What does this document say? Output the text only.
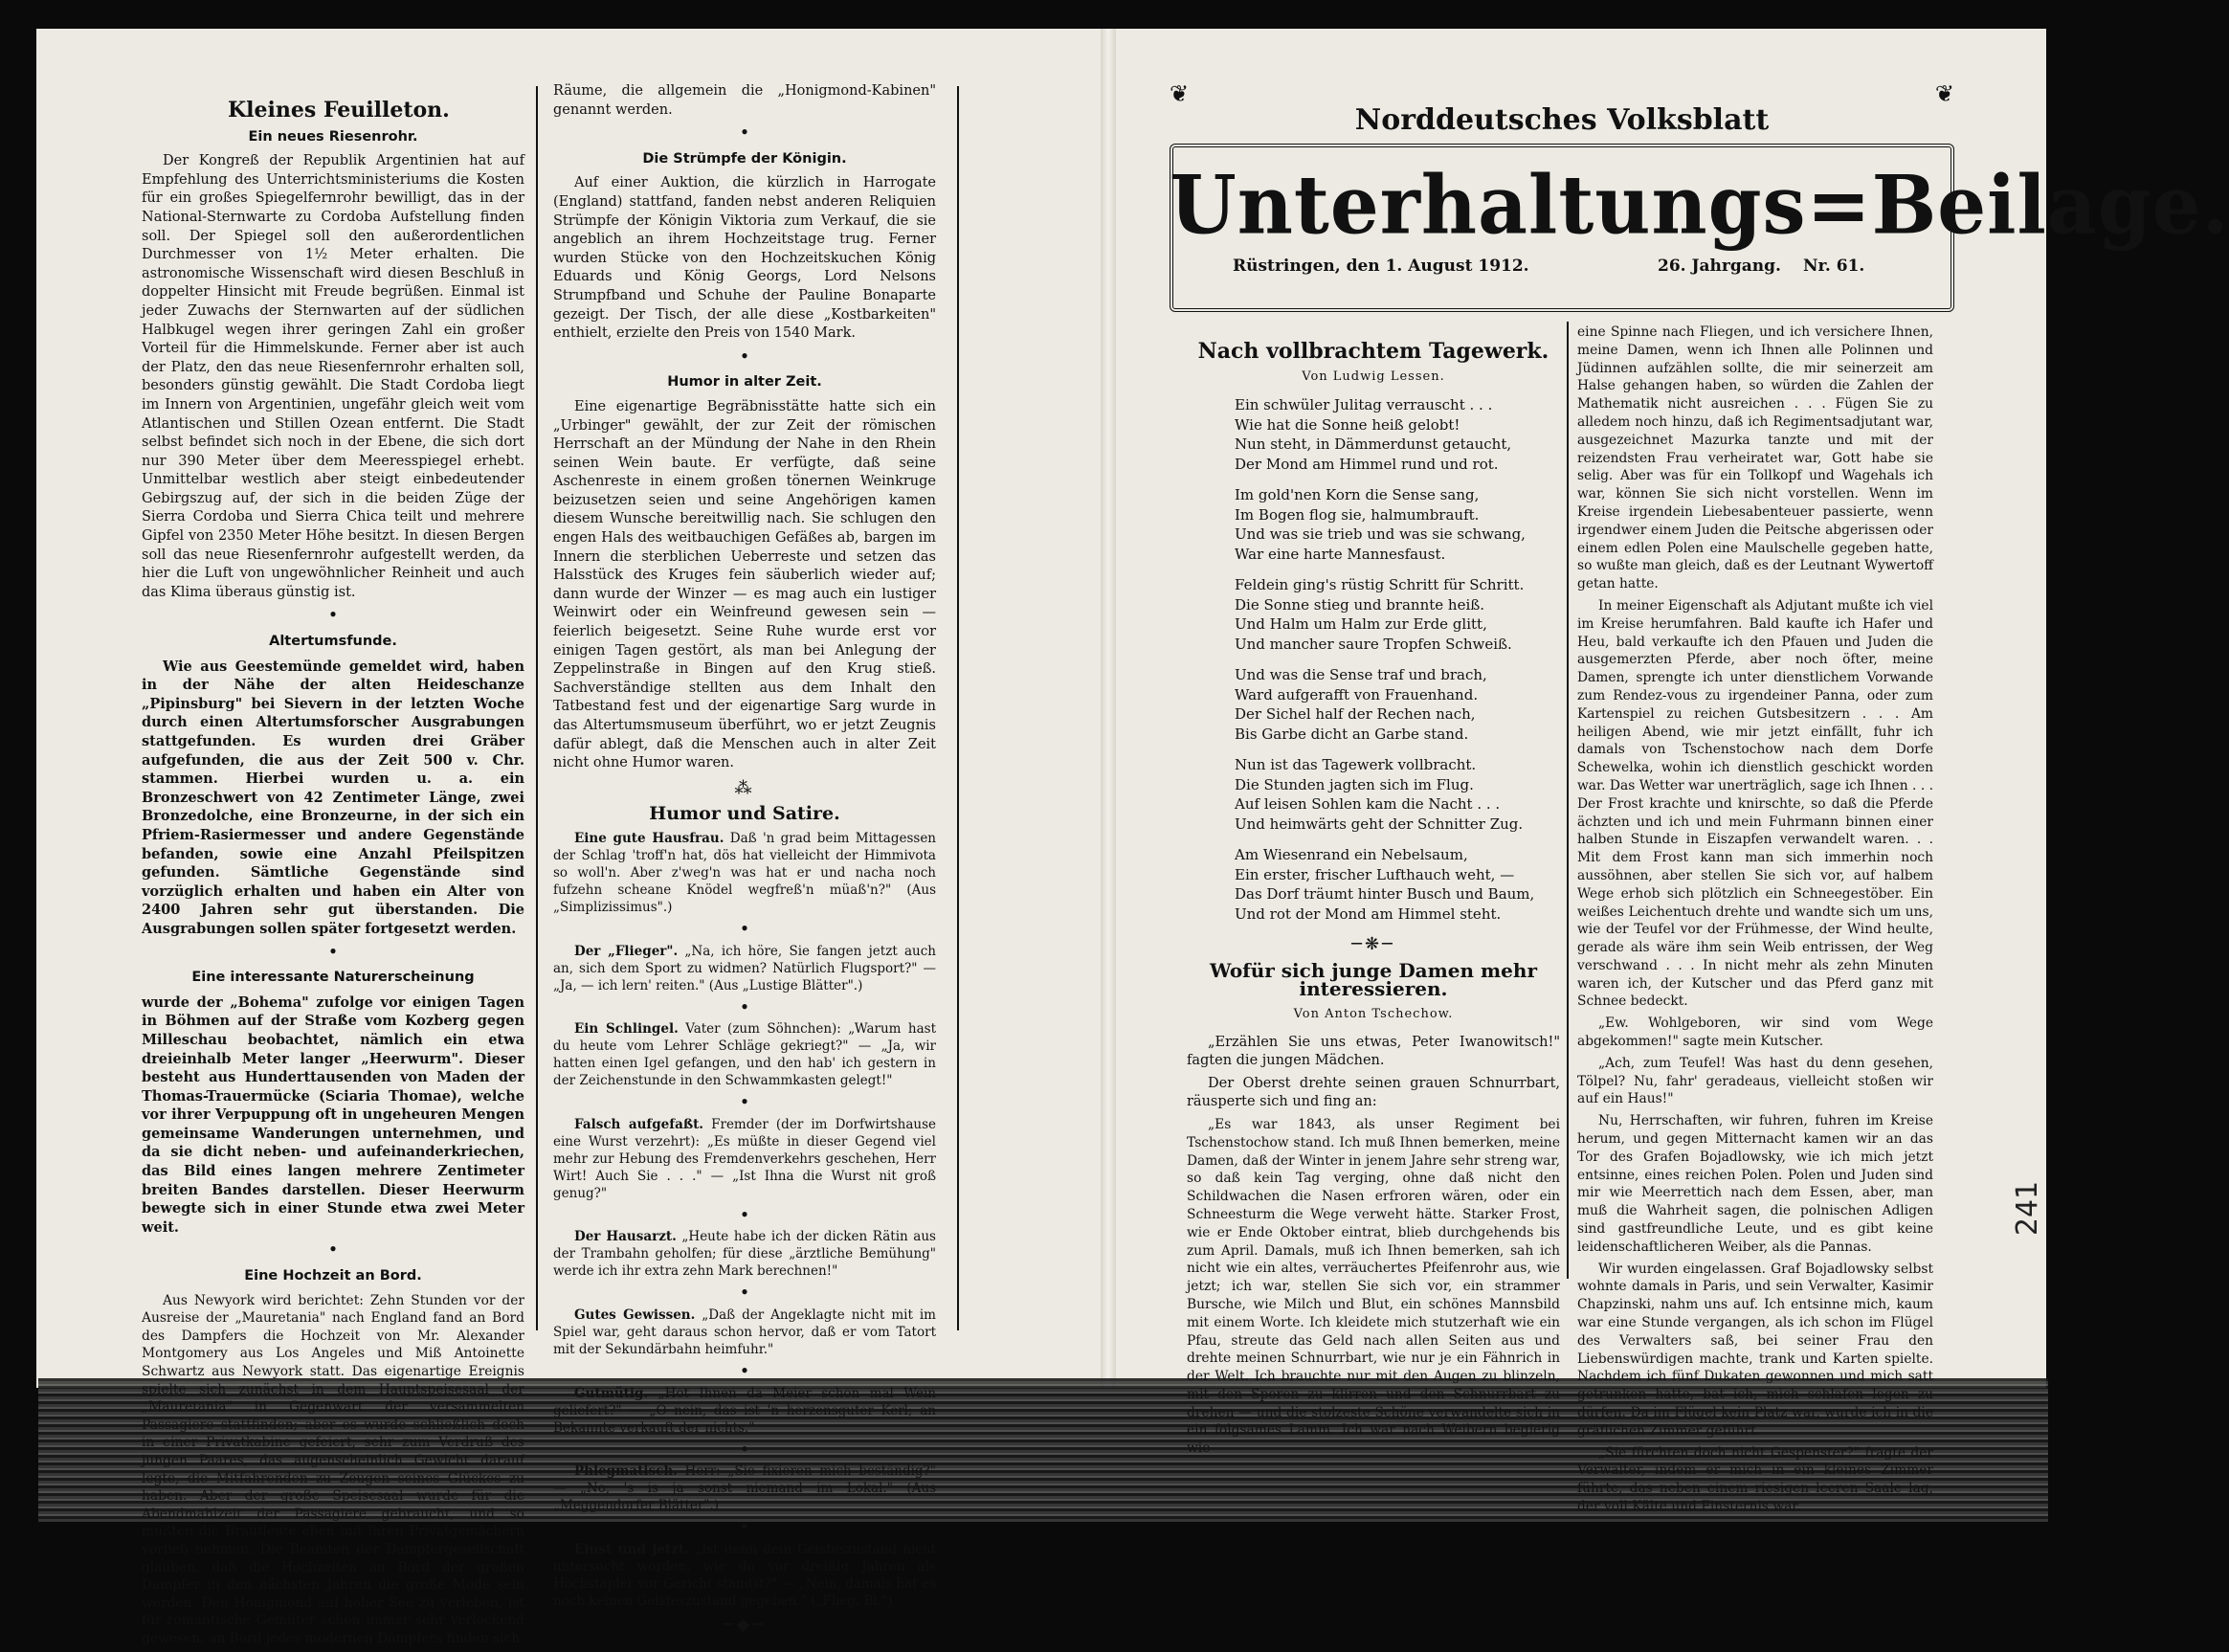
Kleines Feuilleton.
Ein neues Riesenrohr.

Der Kongreß der Republik Argentinien hat auf Empfehlung des Unterrichtsministeriums die Kosten für ein großes Spiegelfernrohr bewilligt, das in der National-Sternwarte zu Cordoba Aufstellung finden soll. Der Spiegel soll den außerordentlichen Durchmesser von 1½ Meter erhalten. Die astronomische Wissenschaft wird diesen Beschluß in doppelter Hinsicht mit Freude begrüßen. Einmal ist jeder Zuwachs der Sternwarten auf der südlichen Halbkugel wegen ihrer geringen Zahl ein großer Vorteil für die Himmelskunde. Ferner aber ist auch der Platz, den das neue Riesenfernrohr erhalten soll, besonders günstig gewählt. Die Stadt Cordoba liegt im Innern von Argentinien, ungefähr gleich weit vom Atlantischen und Stillen Ozean entfernt. Die Stadt selbst befindet sich noch in der Ebene, die sich dort nur 390 Meter über dem Meeresspiegel erhebt. Unmittelbar westlich aber steigt einbedeutender Gebirgszug auf, der sich in die beiden Züge der Sierra Cordoba und Sierra Chica teilt und mehrere Gipfel von 2350 Meter Höhe besitzt. In diesen Bergen soll das neue Riesenfernrohr aufgestellt werden, da hier die Luft von ungewöhnlicher Reinheit und auch das Klima überaus günstig ist.

•
Altertumsfunde.

Wie aus Geestemünde gemeldet wird, haben in der Nähe der alten Heideschanze „Pipinsburg" bei Sievern in der letzten Woche durch einen Altertumsforscher Ausgrabungen stattgefunden. Es wurden drei Gräber aufgefunden, die aus der Zeit 500 v. Chr. stammen. Hierbei wurden u. a. ein Bronzeschwert von 42 Zentimeter Länge, zwei Bronzedolche, eine Bronzeurne, in der sich ein Pfriem-Rasiermesser und andere Gegenstände befanden, sowie eine Anzahl Pfeilspitzen gefunden. Sämtliche Gegenstände sind vorzüglich erhalten und haben ein Alter von 2400 Jahren sehr gut überstanden. Die Ausgrabungen sollen später fortgesetzt werden.

•
Eine interessante Naturerscheinung

wurde der „Bohema" zufolge vor einigen Tagen in Böhmen auf der Straße vom Kozberg gegen Milleschau beobachtet, nämlich ein etwa dreieinhalb Meter langer „Heerwurm". Dieser besteht aus Hunderttausenden von Maden der Thomas-Trauermücke (Sciaria Thomae), welche vor ihrer Verpuppung oft in ungeheuren Mengen gemeinsame Wanderungen unternehmen, und da sie dicht neben- und aufeinanderkriechen, das Bild eines langen mehrere Zentimeter breiten Bandes darstellen. Dieser Heerwurm bewegte sich in einer Stunde etwa zwei Meter weit.

•
Eine Hochzeit an Bord.

Aus Newyork wird berichtet: Zehn Stunden vor der Ausreise der „Mauretania" nach England fand an Bord des Dampfers die Hochzeit von Mr. Alexander Montgomery aus Los Angeles und Miß Antoinette Schwartz aus Newyork statt. Das eigenartige Ereignis spielte sich zunächst in dem Hauptspeisesaal der „Mauretania" in Gegenwart der versammelten Passagiere stattfinden; aber es wurde schließlich doch in einer Privatkabine gefeiert, sehr zum Verdruß des jungen Paares, das augenscheinlich Gewicht darauf legte, die Mitfahrenden zu Zeugen seines Glückes zu haben. Aber der große Speisesaal wurde für die Abendmahlzeit der Passagiere gebraucht, und so mußten die Brautleute eben mit ihren Privatgemächern vorlieb nehmen. Die Beamten der Dampfergesellschaft glauben, daß die Hochzeiten an Bord der großen Dampfer in den nächsten Jahren die große Mode sein werden. Den Honigmond auf hoher See zu verleben, ist für romantische Gemüter schon immer sehr verlockend gewesen; an Bord jedes modernen Dampfers finden sich

Räume, die allgemein die „Honigmond-Kabinen" genannt werden.

•
Die Strümpfe der Königin.

Auf einer Auktion, die kürzlich in Harrogate (England) stattfand, fanden nebst anderen Reliquien Strümpfe der Königin Viktoria zum Verkauf, die sie angeblich an ihrem Hochzeitstage trug. Ferner wurden Stücke von den Hochzeitskuchen König Eduards und König Georgs, Lord Nelsons Strumpfband und Schuhe der Pauline Bonaparte gezeigt. Der Tisch, der alle diese „Kostbarkeiten" enthielt, erzielte den Preis von 1540 Mark.

•
Humor in alter Zeit.

Eine eigenartige Begräbnisstätte hatte sich ein „Urbinger" gewählt, der zur Zeit der römischen Herrschaft an der Mündung der Nahe in den Rhein seinen Wein baute. Er verfügte, daß seine Aschenreste in einem großen tönernen Weinkruge beizusetzen seien und seine Angehörigen kamen diesem Wunsche bereitwillig nach. Sie schlugen den engen Hals des weitbauchigen Gefäßes ab, bargen im Innern die sterblichen Ueberreste und setzen das Halsstück des Kruges fein säuberlich wieder auf; dann wurde der Winzer — es mag auch ein lustiger Weinwirt oder ein Weinfreund gewesen sein — feierlich beigesetzt. Seine Ruhe wurde erst vor einigen Tagen gestört, als man bei Anlegung der Zeppelinstraße in Bingen auf den Krug stieß. Sachverständige stellten aus dem Inhalt den Tatbestand fest und der eigenartige Sarg wurde in das Altertumsmuseum überführt, wo er jetzt Zeugnis dafür ablegt, daß die Menschen auch in alter Zeit nicht ohne Humor waren.

⁂
Humor und Satire.

Eine gute Hausfrau. Daß 'n grad beim Mittagessen der Schlag 'troff'n hat, dös hat vielleicht der Himmivota so woll'n. Aber z'weg'n was hat er und nacha noch fufzehn scheane Knödel wegfreß'n müaß'n?" (Aus „Simplizissimus".)

•

Der „Flieger". „Na, ich höre, Sie fangen jetzt auch an, sich dem Sport zu widmen? Natürlich Flugsport?" — „Ja, — ich lern' reiten." (Aus „Lustige Blätter".)

•

Ein Schlingel. Vater (zum Söhnchen): „Warum hast du heute vom Lehrer Schläge gekriegt?" — „Ja, wir hatten einen Igel gefangen, und den hab' ich gestern in der Zeichenstunde in den Schwammkasten gelegt!"

•

Falsch aufgefaßt. Fremder (der im Dorfwirtshause eine Wurst verzehrt): „Es müßte in dieser Gegend viel mehr zur Hebung des Fremdenverkehrs geschehen, Herr Wirt! Auch Sie . . ." — „Ist Ihna die Wurst nit groß genug?"

•

Der Hausarzt. „Heute habe ich der dicken Rätin aus der Trambahn geholfen; für diese „ärztliche Bemühung" werde ich ihr extra zehn Mark berechnen!"

•

Gutes Gewissen. „Daß der Angeklagte nicht mit im Spiel war, geht daraus schon hervor, daß er vom Tatort mit der Sekundärbahn heimfuhr."

•

Gutmütig. „Hot Ihnen da Meier schon mal Wein geliefert?" — „O nein, das ist 'n herzensguter Kerl; an Bekannte verkauft der nichts."

•

Phlegmatisch. Herr: „Sie fixieren mich beständig?" — „No, 's is ja sonst niemand im Lokal." (Aus „Meggendorfer Blätter".)

•

Einst und jetzt. „Ist denn dein Geisteszustand nicht untersucht worden, wie du vor dreißig Jahren als Hochstapler vor Gericht standst?" — „Nein, damals hat es noch keinen Geisteszustand gegeben." („Flieg. Bl.")

─◆─
❦	❦
Norddeutsches Volksblatt
Unterhaltungs=Beilage.
Rüstringen, den 1. August 1912.	26. Jahrgang. Nr. 61.
Nach vollbrachtem Tagewerk.
Von Ludwig Lessen.
Ein schwüler Julitag verrauscht . . .
Wie hat die Sonne heiß gelobt!
Nun steht, in Dämmerdunst getaucht,
Der Mond am Himmel rund und rot.
Im gold'nen Korn die Sense sang,
Im Bogen flog sie, halmumbrauft.
Und was sie trieb und was sie schwang,
War eine harte Mannesfaust.
Feldein ging's rüstig Schritt für Schritt.
Die Sonne stieg und brannte heiß.
Und Halm um Halm zur Erde glitt,
Und mancher saure Tropfen Schweiß.
Und was die Sense traf und brach,
Ward aufgerafft von Frauenhand.
Der Sichel half der Rechen nach,
Bis Garbe dicht an Garbe stand.
Nun ist das Tagewerk vollbracht.
Die Stunden jagten sich im Flug.
Auf leisen Sohlen kam die Nacht . . .
Und heimwärts geht der Schnitter Zug.
Am Wiesenrand ein Nebelsaum,
Ein erster, frischer Lufthauch weht, —
Das Dorf träumt hinter Busch und Baum,
Und rot der Mond am Himmel steht.
─❋─
Wofür sich junge Damen mehr interessieren.
Von Anton Tschechow.

„Erzählen Sie uns etwas, Peter Iwanowitsch!" fagten die jungen Mädchen.

Der Oberst drehte seinen grauen Schnurrbart, räusperte sich und fing an:

„Es war 1843, als unser Regiment bei Tschenstochow stand. Ich muß Ihnen bemerken, meine Damen, daß der Winter in jenem Jahre sehr streng war, so daß kein Tag verging, ohne daß nicht den Schildwachen die Nasen erfroren wären, oder ein Schneesturm die Wege verweht hätte. Starker Frost, wie er Ende Oktober eintrat, blieb durchgehends bis zum April. Damals, muß ich Ihnen bemerken, sah ich nicht wie ein altes, verräuchertes Pfeifenrohr aus, wie jetzt; ich war, stellen Sie sich vor, ein strammer Bursche, wie Milch und Blut, ein schönes Mannsbild mit einem Worte. Ich kleidete mich stutzerhaft wie ein Pfau, streute das Geld nach allen Seiten aus und drehte meinen Schnurrbart, wie nur je ein Fähnrich in der Welt. Ich brauchte nur mit den Augen zu blinzeln, mit den Sporen zu klirren und den Schnurrbart zu drehen — und die stolzeste Schöne verwandelte sich in ein folgsames Lamm. Ich war nach Weibern begierig wie

eine Spinne nach Fliegen, und ich versichere Ihnen, meine Damen, wenn ich Ihnen alle Polinnen und Jüdinnen aufzählen sollte, die mir seinerzeit am Halse gehangen haben, so würden die Zahlen der Mathematik nicht ausreichen . . . Fügen Sie zu alledem noch hinzu, daß ich Regimentsadjutant war, ausgezeichnet Mazurka tanzte und mit der reizendsten Frau verheiratet war, Gott habe sie selig. Aber was für ein Tollkopf und Wagehals ich war, können Sie sich nicht vorstellen. Wenn im Kreise irgendein Liebesabenteuer passierte, wenn irgendwer einem Juden die Peitsche abgerissen oder einem edlen Polen eine Maulschelle gegeben hatte, so wußte man gleich, daß es der Leutnant Wywertoff getan hatte.

In meiner Eigenschaft als Adjutant mußte ich viel im Kreise herumfahren. Bald kaufte ich Hafer und Heu, bald verkaufte ich den Pfauen und Juden die ausgemerzten Pferde, aber noch öfter, meine Damen, sprengte ich unter dienstlichem Vorwande zum Rendez-vous zu irgendeiner Panna, oder zum Kartenspiel zu reichen Gutsbesitzern . . . Am heiligen Abend, wie mir jetzt einfällt, fuhr ich damals von Tschenstochow nach dem Dorfe Schewelka, wohin ich dienstlich geschickt worden war. Das Wetter war unerträglich, sage ich Ihnen . . . Der Frost krachte und knirschte, so daß die Pferde ächzten und ich und mein Fuhrmann binnen einer halben Stunde in Eiszapfen verwandelt waren. . . Mit dem Frost kann man sich immerhin noch aussöhnen, aber stellen Sie sich vor, auf halbem Wege erhob sich plötzlich ein Schneegestöber. Ein weißes Leichentuch drehte und wandte sich um uns, wie der Teufel vor der Frühmesse, der Wind heulte, gerade als wäre ihm sein Weib entrissen, der Weg verschwand . . . In nicht mehr als zehn Minuten waren ich, der Kutscher und das Pferd ganz mit Schnee bedeckt.

„Ew. Wohlgeboren, wir sind vom Wege abgekommen!" sagte mein Kutscher.

„Ach, zum Teufel! Was hast du denn gesehen, Tölpel? Nu, fahr' geradeaus, vielleicht stoßen wir auf ein Haus!"

Nu, Herrschaften, wir fuhren, fuhren im Kreise herum, und gegen Mitternacht kamen wir an das Tor des Grafen Bojadlowsky, wie ich mich jetzt entsinne, eines reichen Polen. Polen und Juden sind mir wie Meerrettich nach dem Essen, aber, man muß die Wahrheit sagen, die polnischen Adligen sind gastfreundliche Leute, und es gibt keine leidenschaftlicheren Weiber, als die Pannas.

Wir wurden eingelassen. Graf Bojadlowsky selbst wohnte damals in Paris, und sein Verwalter, Kasimir Chapzinski, nahm uns auf. Ich entsinne mich, kaum war eine Stunde vergangen, als ich schon im Flügel des Verwalters saß, bei seiner Frau den Liebenswürdigen machte, trank und Karten spielte. Nachdem ich fünf Dukaten gewonnen und mich satt getrunken hatte, bat ich, mich schlafen legen zu dürfen. Da im Flügel kein Platz war, wurde ich in die gräflichen Zimmer geführt.

„Sie fürchten doch nicht Gespenster?" fragte der Verwalter, indem er mich in ein kleines Zimmer führte, das neben einem riesigen leeren Saale lag, der voll Kälte und Finsternis war.

241
